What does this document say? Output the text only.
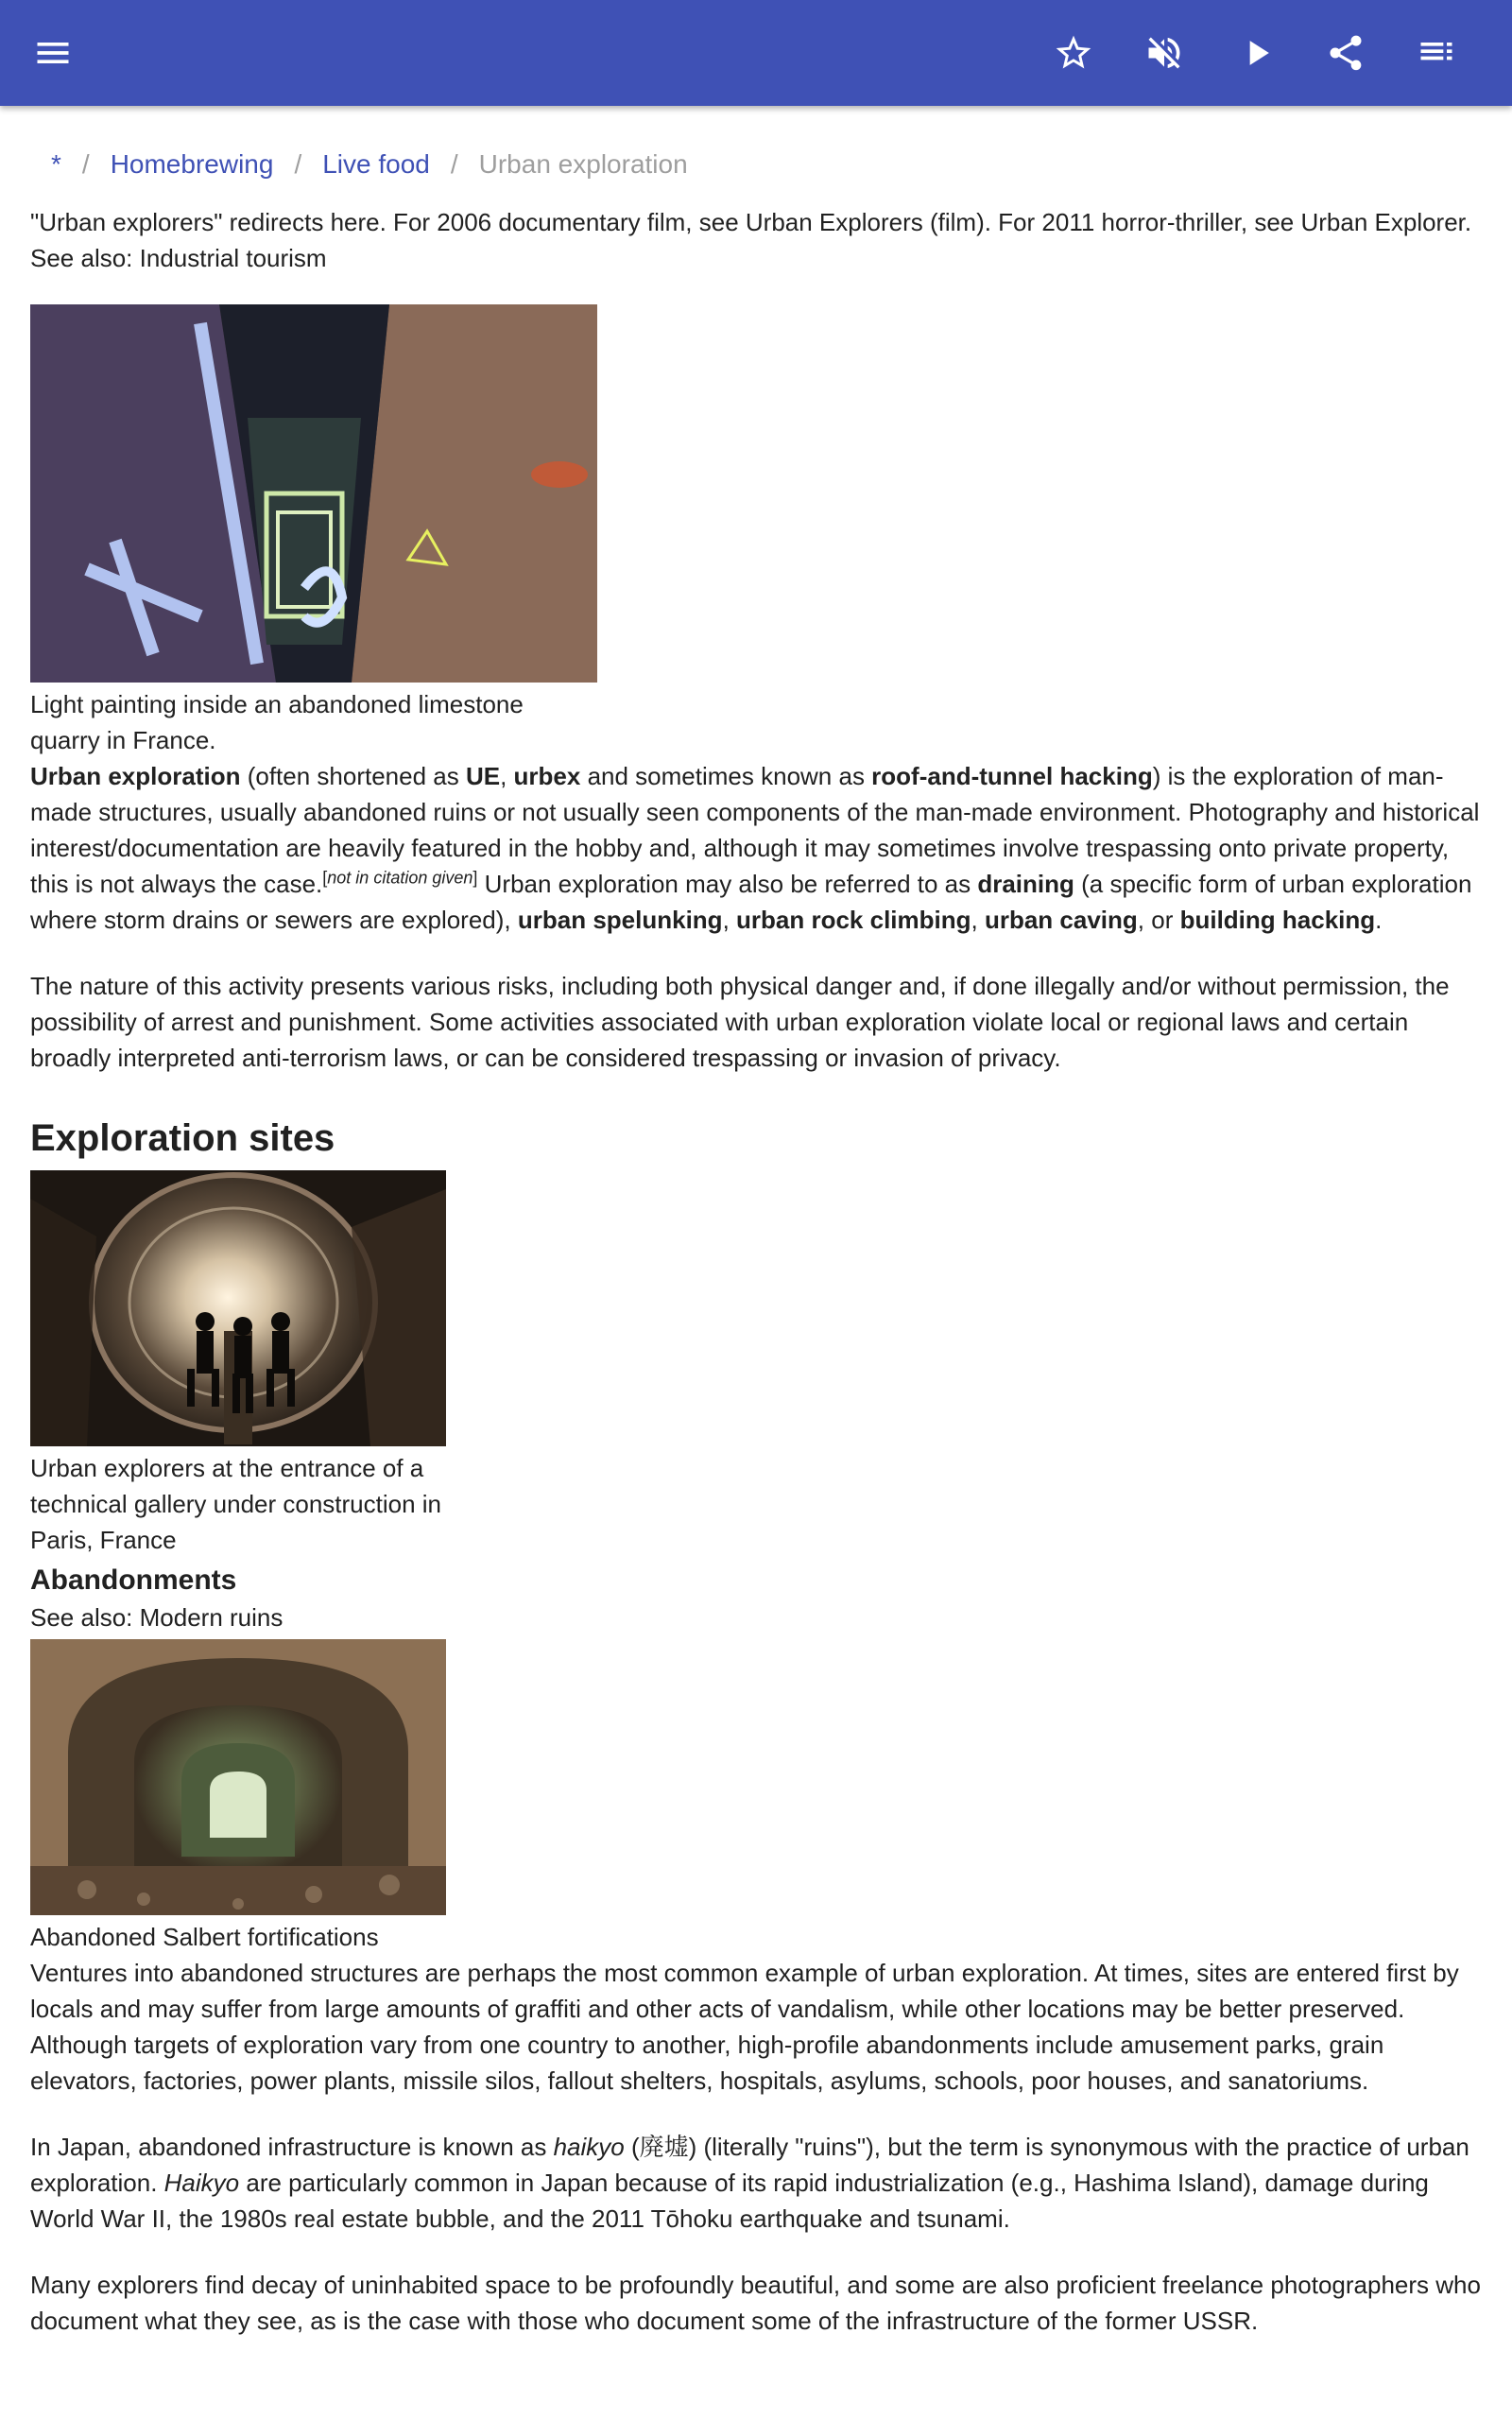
* / Homebrewing / Live food / Urban exploration

"Urban explorers" redirects here. For 2006 documentary film, see Urban Explorers (film). For 2011 horror-thriller, see Urban Explorer.

See also: Industrial tourism

Light painting inside an abandoned limestone quarry in France.

Urban exploration (often shortened as UE, urbex and sometimes known as roof-and-tunnel hacking) is the exploration of man-made structures, usually abandoned ruins or not usually seen components of the man-made environment. Photography and historical interest/documentation are heavily featured in the hobby and, although it may sometimes involve trespassing onto private property, this is not always the case.[not in citation given] Urban exploration may also be referred to as draining (a specific form of urban exploration where storm drains or sewers are explored), urban spelunking, urban rock climbing, urban caving, or building hacking.

The nature of this activity presents various risks, including both physical danger and, if done illegally and/or without permission, the possibility of arrest and punishment. Some activities associated with urban exploration violate local or regional laws and certain broadly interpreted anti-terrorism laws, or can be considered trespassing or invasion of privacy.

Exploration sites

Urban explorers at the entrance of a technical gallery under construction in Paris, France

Abandonments

See also: Modern ruins

Abandoned Salbert fortifications

Ventures into abandoned structures are perhaps the most common example of urban exploration. At times, sites are entered first by locals and may suffer from large amounts of graffiti and other acts of vandalism, while other locations may be better preserved. Although targets of exploration vary from one country to another, high-profile abandonments include amusement parks, grain elevators, factories, power plants, missile silos, fallout shelters, hospitals, asylums, schools, poor houses, and sanatoriums.

In Japan, abandoned infrastructure is known as haikyo (廃墟) (literally "ruins"), but the term is synonymous with the practice of urban exploration. Haikyo are particularly common in Japan because of its rapid industrialization (e.g., Hashima Island), damage during World War II, the 1980s real estate bubble, and the 2011 Tōhoku earthquake and tsunami.

Many explorers find decay of uninhabited space to be profoundly beautiful, and some are also proficient freelance photographers who document what they see, as is the case with those who document some of the infrastructure of the former USSR.
